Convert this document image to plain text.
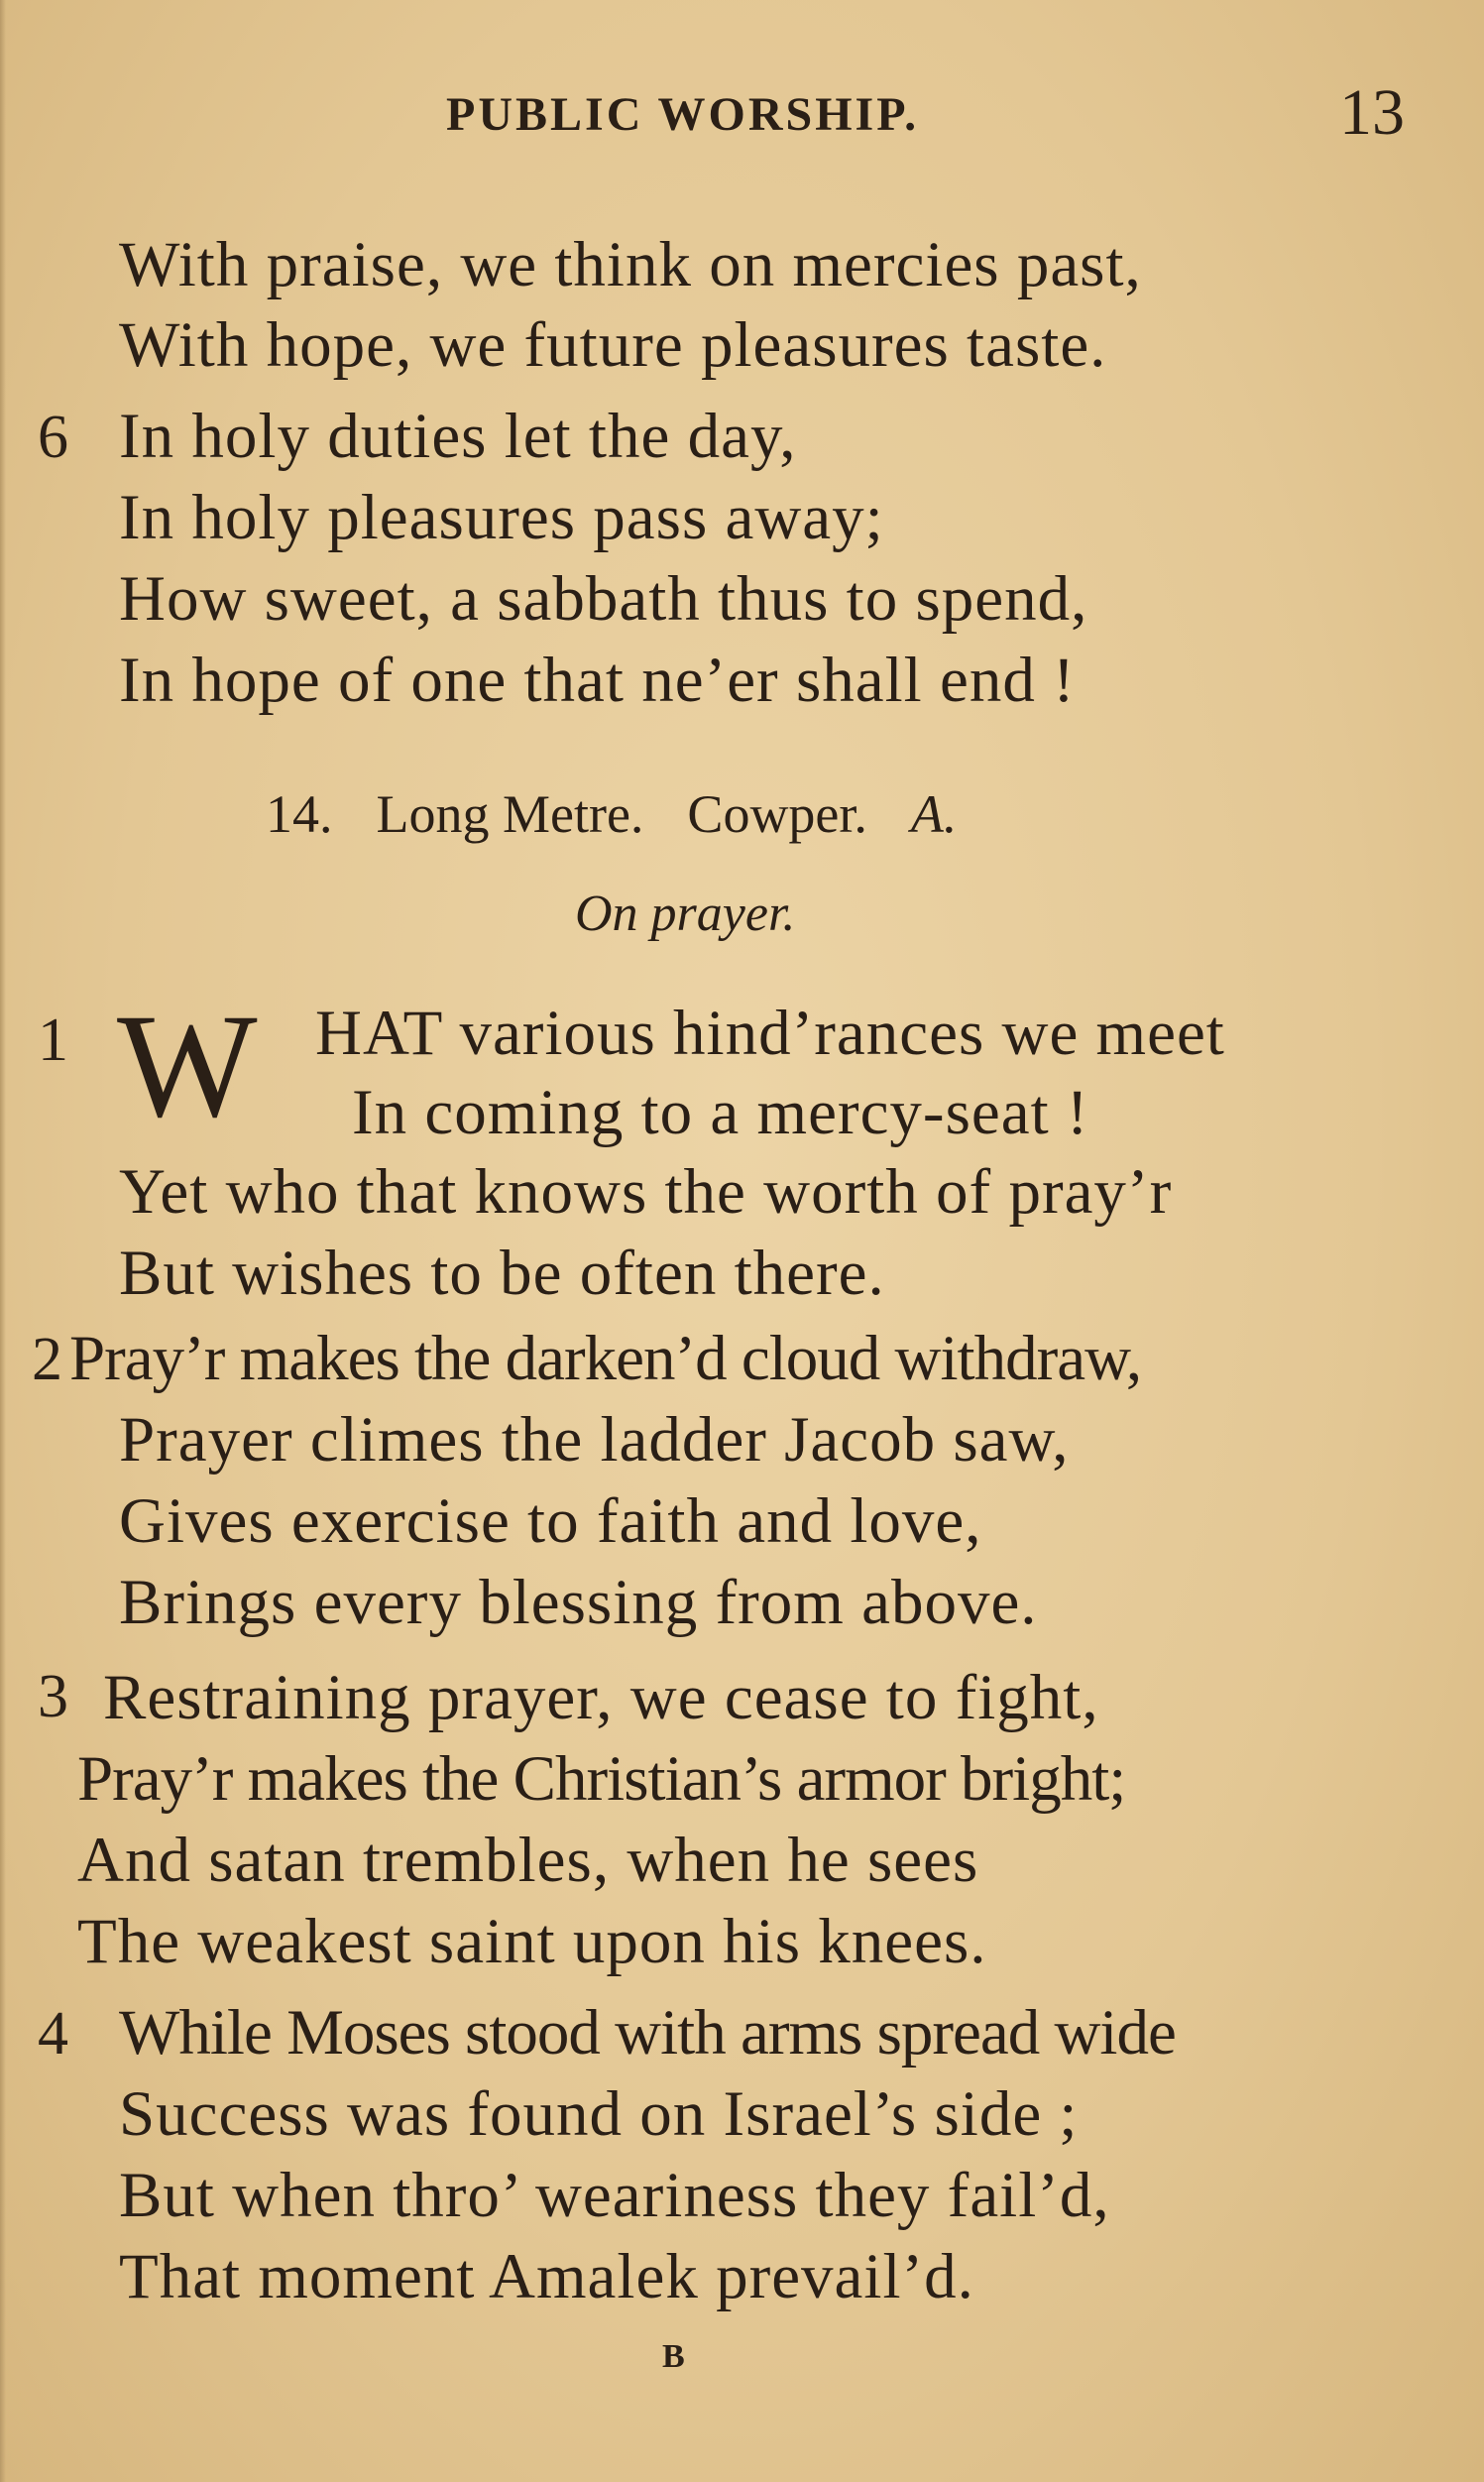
PUBLIC WORSHIP.	13
With praise, we think on mercies past,
With hope, we future pleasures taste.
6 In holy duties let the day,
In holy pleasures pass away;
How sweet, a sabbath thus to spend,
In hope of one that ne’er shall end !
14. Long Metre. Cowper. A.
On prayer.
1 W HAT various hind’rances we meet
In coming to a mercy-seat !
Yet who that knows the worth of pray’r
But wishes to be often there.
2 Pray’r makes the darken’d cloud withdraw,
Prayer climes the ladder Jacob saw,
Gives exercise to faith and love,
Brings every blessing from above.
3 Restraining prayer, we cease to fight,
Pray’r makes the Christian’s armor bright;
And satan trembles, when he sees
The weakest saint upon his knees.
4 While Moses stood with arms spread wide
Success was found on Israel’s side ;
But when thro’ weariness they fail’d,
That moment Amalek prevail’d.
B
